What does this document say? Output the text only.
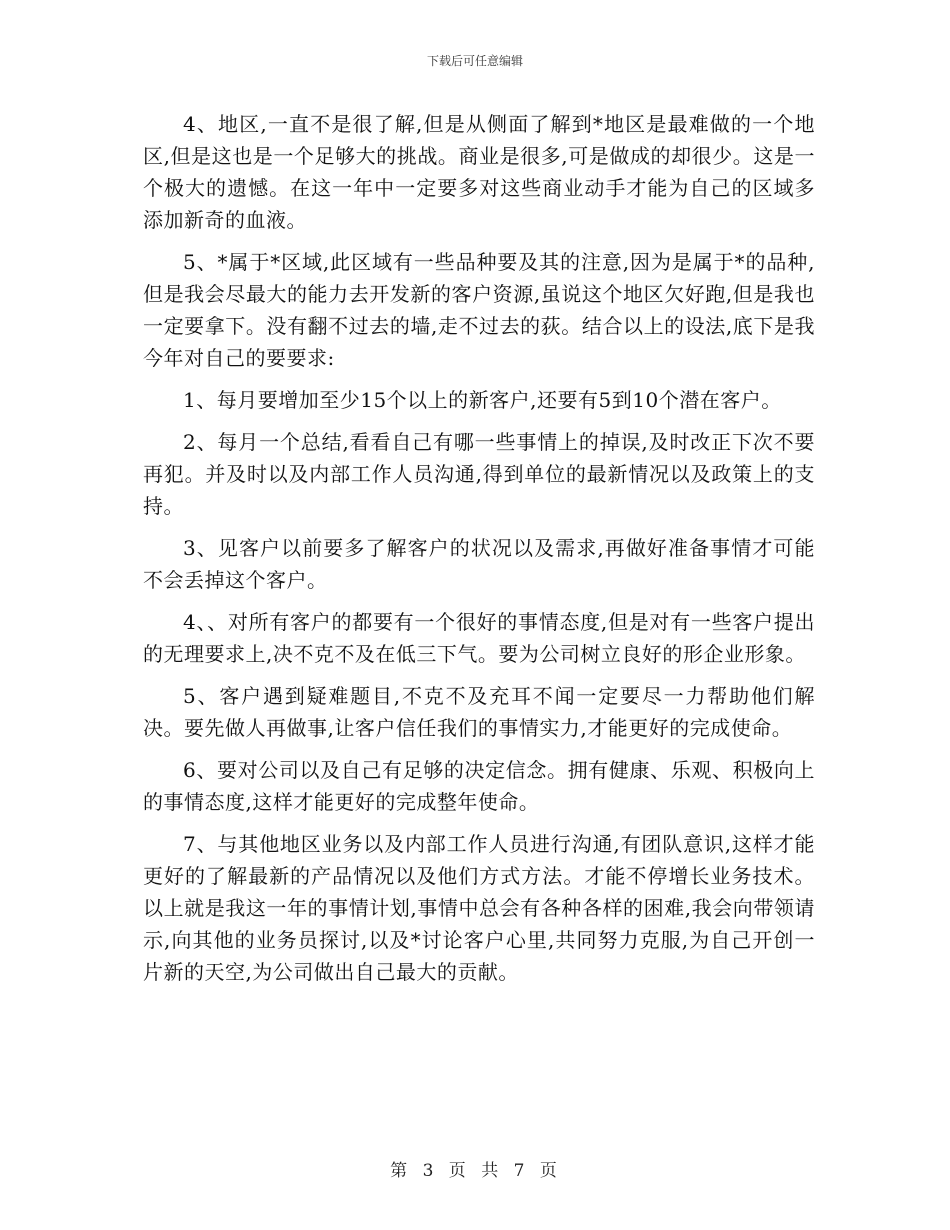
下载后可任意编辑

4、地区,一直不是很了解,但是从侧面了解到*地区是最难做的一个地区,但是这也是一个足够大的挑战。商业是很多,可是做成的却很少。这是一个极大的遗憾。在这一年中一定要多对这些商业动手才能为自己的区域多添加新奇的血液。

5、*属于*区域,此区域有一些品种要及其的注意,因为是属于*的品种,但是我会尽最大的能力去开发新的客户资源,虽说这个地区欠好跑,但是我也一定要拿下。没有翻不过去的墙,走不过去的荻。结合以上的设法,底下是我今年对自己的要要求:

1、每月要增加至少15个以上的新客户,还要有5到10个潜在客户。

2、每月一个总结,看看自己有哪一些事情上的掉误,及时改正下次不要再犯。并及时以及内部工作人员沟通,得到单位的最新情况以及政策上的支持。

3、见客户以前要多了解客户的状况以及需求,再做好准备事情才可能不会丢掉这个客户。

4、、对所有客户的都要有一个很好的事情态度,但是对有一些客户提出的无理要求上,决不克不及在低三下气。要为公司树立良好的形企业形象。

5、客户遇到疑难题目,不克不及充耳不闻一定要尽一力帮助他们解决。要先做人再做事,让客户信任我们的事情实力,才能更好的完成使命。

6、要对公司以及自己有足够的决定信念。拥有健康、乐观、积极向上的事情态度,这样才能更好的完成整年使命。

7、与其他地区业务以及内部工作人员进行沟通,有团队意识,这样才能更好的了解最新的产品情况以及他们方式方法。才能不停增长业务技术。以上就是我这一年的事情计划,事情中总会有各种各样的困难,我会向带领请示,向其他的业务员探讨,以及*讨论客户心里,共同努力克服,为自己开创一片新的天空,为公司做出自己最大的贡献。

第 3 页 共 7 页
